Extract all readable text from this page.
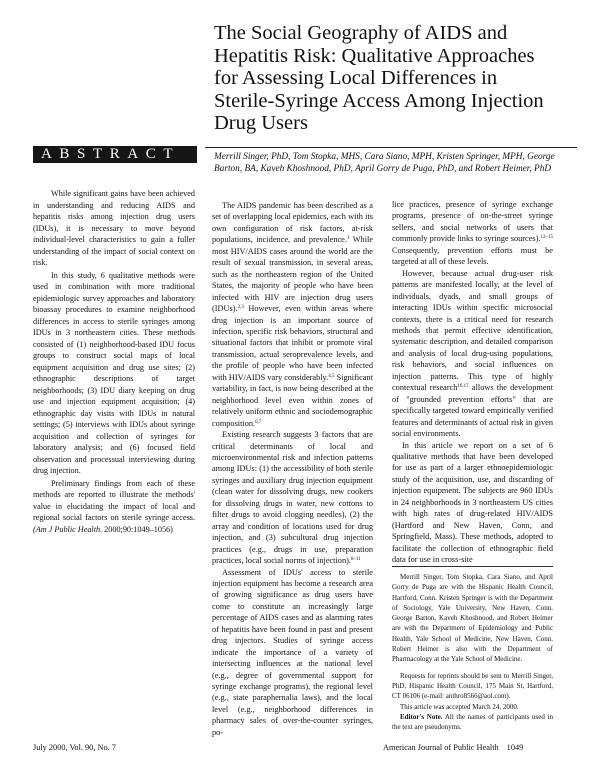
The Social Geography of AIDS and
Hepatitis Risk: Qualitative Approaches
for Assessing Local Differences in
Sterile-Syringe Access Among Injection
Drug Users
ABSTRACT	Merrill Singer, PhD, Tom Stopka, MHS, Cara Siano, MPH, Kristen Springer, MPH, George Barton, BA, Kaveh Khoshnood, PhD, April Gorry de Puga, PhD, and Robert Heimer, PhD

While significant gains have been achieved in understanding and reducing AIDS and hepatitis risks among injection drug users (IDUs), it is necessary to move beyond individual-level characteristics to gain a fuller understanding of the impact of social context on risk.

In this study, 6 qualitative methods were used in combination with more traditional epidemiologic survey approaches and laboratory bioassay procedures to examine neighborhood differences in access to sterile syringes among IDUs in 3 northeastern cities. These methods consisted of (1) neighborhood-based IDU focus groups to construct social maps of local equipment acquisition and drug use sites; (2) ethnographic descriptions of target neighborhoods; (3) IDU diary keeping on drug use and injection equipment acquisition; (4) ethnographic day visits with IDUs in natural settings; (5) interviews with IDUs about syringe acquisition and collection of syringes for laboratory analysis; and (6) focused field observation and processual interviewing during drug injection.

Preliminary findings from each of these methods are reported to illustrate the methods' value in elucidating the impact of local and regional social factors on sterile syringe access. (Am J Public Health. 2000;90:1049–1056)

The AIDS pandemic has been described as a set of overlapping local epidemics, each with its own configuration of risk factors, at-risk populations, incidence, and prevalence.$^1$ While most HIV/AIDS cases around the world are the result of sexual transmission, in several areas, such as the northeastern region of the United States, the majority of people who have been infected with HIV are injection drug users (IDUs).$^{2,3}$ However, even within areas where drug injection is an important source of infection, specific risk behaviors, structural and situational factors that inhibit or promote viral transmission, actual seroprevalence levels, and the profile of people who have been infected with HIV/AIDS vary considerably.$^{4,5}$ Significant variability, in fact, is now being described at the neighborhood level even within zones of relatively uniform ethnic and sociodemographic composition.$^{6,7}$

Existing research suggests 3 factors that are critical determinants of local and microenvironmental risk and infection patterns among IDUs: (1) the accessibility of both sterile syringes and auxiliary drug injection equipment (clean water for dissolving drugs, new cookers for dissolving drugs in water, new cottons to filter drugs to avoid clogging needles), (2) the array and condition of locations used for drug injection, and (3) subcultural drug injection practices (e.g., drugs in use, preparation practices, local social norms of injection).$^{8-11}$

Assessment of IDUs' access to sterile injection equipment has become a research area of growing significance as drug users have come to constitute an increasingly large percentage of AIDS cases and as alarming rates of hepatitis have been found in past and present drug injectors. Studies of syringe access indicate the importance of a variety of intersecting influences at the national level (e.g., degree of governmental support for syringe exchange programs), the regional level (e.g., state paraphernalia laws), and the local level (e.g., neighborhood differences in pharmacy sales of over-the-counter syringes, po-

lice practices, presence of syringe exchange programs, presence of on-the-street syringe sellers, and social networks of users that commonly provide links to syringe sources).$^{12-15}$ Consequently, prevention efforts must be targeted at all of these levels.

However, because actual drug-user risk patterns are manifested locally, at the level of individuals, dyads, and small groups of interacting IDUs within specific microsocial contexts, there is a critical need for research methods that permit effective identification, systematic description, and detailed comparison and analysis of local drug-using populations, risk behaviors, and social influences on injection patterns. This type of highly contextual research$^{16,17}$ allows the development of "grounded prevention efforts" that are specifically targeted toward empirically verified features and determinants of actual risk in given social environments.

In this article we report on a set of 6 qualitative methods that have been developed for use as part of a larger ethnoepidemiologic study of the acquisition, use, and discarding of injection equipment. The subjects are 960 IDUs in 24 neighborhoods in 3 northeastern US cities with high rates of drug-related HIV/AIDS (Hartford and New Haven, Conn, and Springfield, Mass). These methods, adopted to facilitate the collection of ethnographic field data for use in cross-site

Merrill Singer, Tom Stopka, Cara Siano, and April Gorry de Puga are with the Hispanic Health Council, Hartford, Conn. Kristen Springer is with the Department of Sociology, Yale University, New Haven, Conn. George Barton, Kaveh Khoshnood, and Robert Heimer are with the Department of Epidemiology and Public Health, Yale School of Medicine, New Haven, Conn. Robert Heimer is also with the Department of Pharmacology at the Yale School of Medicine.

Requests for reprints should be sent to Merrill Singer, PhD, Hispanic Health Council, 175 Main St, Hartford, CT 06106 (e-mail: anthro8566@aol.com).

This article was accepted March 24, 2000.

Editor's Note. All the names of participants used in the text are pseudonyms.

July 2000, Vol. 90, No. 7	American Journal of Public Health 1049
